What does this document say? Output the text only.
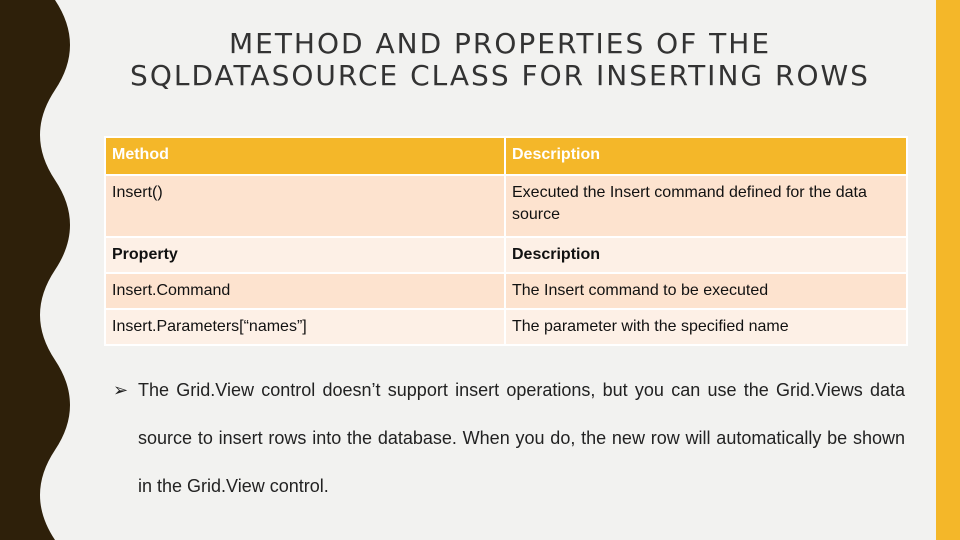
METHOD AND PROPERTIES OF THE
SQLDATASOURCE CLASS FOR INSERTING ROWS
Method	Description
Insert()	Executed the Insert command defined for the data source
Property	Description
Insert.Command	The Insert command to be executed
Insert.Parameters[“names”]	The parameter with the specified name
➢ The Grid.View control doesn’t support insert operations, but you can use the Grid.Views data source to insert rows into the database. When you do, the new row will automatically be shown in the Grid.View control.
